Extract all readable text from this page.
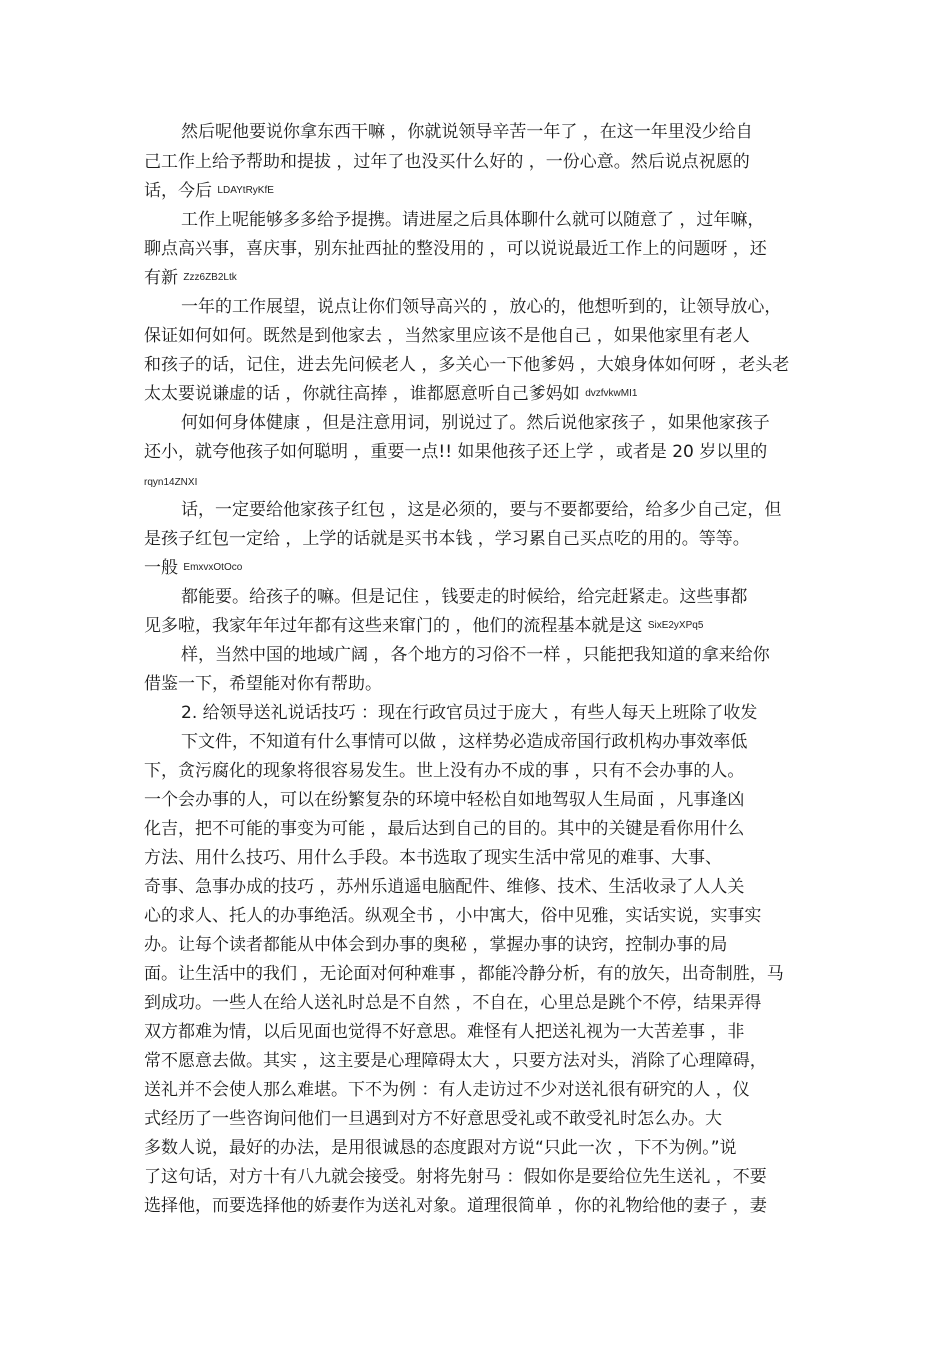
然后呢他要说你拿东西干嘛 ，你就说领导辛苦一年了 ，在这一年里没少给自
己工作上给予帮助和提拔 ，过年了也没买什么好的 ，一份心意。然后说点祝愿的
话，今后 LDAYtRyKfE
工作上呢能够多多给予提携。请进屋之后具体聊什么就可以随意了 ，过年嘛，
聊点高兴事，喜庆事，别东扯西扯的整没用的 ，可以说说最近工作上的问题呀 ，还
有新 Zzz6ZB2Ltk
一年的工作展望，说点让你们领导高兴的 ，放心的，他想听到的，让领导放心，
保证如何如何。既然是到他家去 ，当然家里应该不是他自己 ，如果他家里有老人
和孩子的话，记住，进去先问候老人 ，多关心一下他爹妈 ，大娘身体如何呀 ，老头老
太太要说谦虚的话 ，你就往高捧 ，谁都愿意听自己爹妈如 dvzfvkwMI1
何如何身体健康 ，但是注意用词，别说过了。然后说他家孩子 ，如果他家孩子
还小，就夸他孩子如何聪明 ，重要一点!! 如果他孩子还上学 ，或者是 20 岁以里的
rqyn14ZNXI
话，一定要给他家孩子红包 ，这是必须的，要与不要都要给，给多少自己定，但
是孩子红包一定给 ，上学的话就是买书本钱 ，学习累自己买点吃的用的。等等。
一般 EmxvxOtOco
都能要。给孩子的嘛。但是记住 ，钱要走的时候给，给完赶紧走。这些事都
见多啦，我家年年过年都有这些来窜门的 ，他们的流程基本就是这 SixE2yXPq5
样，当然中国的地域广阔 ，各个地方的习俗不一样 ，只能把我知道的拿来给你
借鉴一下，希望能对你有帮助。
2. 给领导送礼说话技巧 ：现在行政官员过于庞大 ，有些人每天上班除了收发
下文件，不知道有什么事情可以做 ，这样势必造成帝国行政机构办事效率低
下，贪污腐化的现象将很容易发生。世上没有办不成的事 ，只有不会办事的人。
一个会办事的人，可以在纷繁复杂的环境中轻松自如地驾驭人生局面 ，凡事逢凶
化吉，把不可能的事变为可能 ，最后达到自己的目的。其中的关键是看你用什么
方法、用什么技巧、用什么手段。本书选取了现实生活中常见的难事、大事、
奇事、急事办成的技巧 ，苏州乐逍遥电脑配件、维修、技术、生活收录了人人关
心的求人、托人的办事绝活。纵观全书 ，小中寓大，俗中见雅，实话实说，实事实
办。让每个读者都能从中体会到办事的奥秘 ，掌握办事的诀窍，控制办事的局
面。让生活中的我们 ，无论面对何种难事 ，都能冷静分析，有的放矢，出奇制胜，马
到成功。一些人在给人送礼时总是不自然 ，不自在，心里总是跳个不停，结果弄得
双方都难为情，以后见面也觉得不好意思。难怪有人把送礼视为一大苦差事 ，非
常不愿意去做。其实 ，这主要是心理障碍太大 ，只要方法对头，消除了心理障碍，
送礼并不会使人那么难堪。下不为例 ：有人走访过不少对送礼很有研究的人 ，仪
式经历了一些咨询问他们一旦遇到对方不好意思受礼或不敢受礼时怎么办。大
多数人说，最好的办法，是用很诚恳的态度跟对方说“只此一次 ，下不为例。”说
了这句话，对方十有八九就会接受。射将先射马 ：假如你是要给位先生送礼 ，不要
选择他，而要选择他的娇妻作为送礼对象。道理很简单 ，你的礼物给他的妻子 ，妻
